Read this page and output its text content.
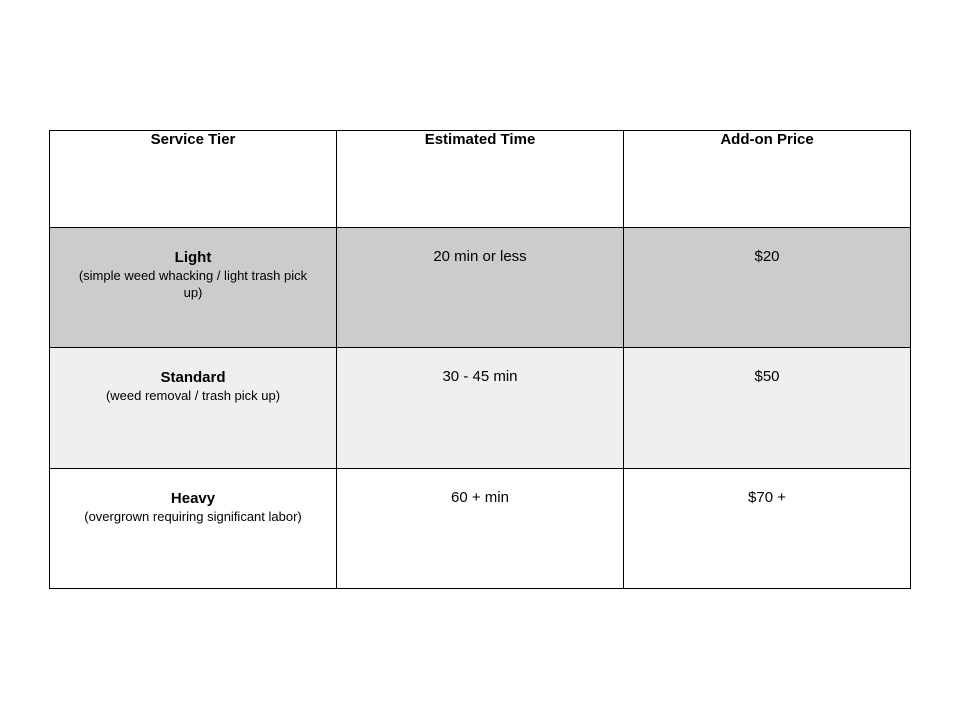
Service Tier	Estimated Time	Add-on Price

Light
(simple weed whacking / light trash pick up)	20 min or less	$20

Standard
(weed removal / trash pick up)	30 - 45 min	$50

Heavy
(overgrown requiring significant labor)	60 + min	$70 +
